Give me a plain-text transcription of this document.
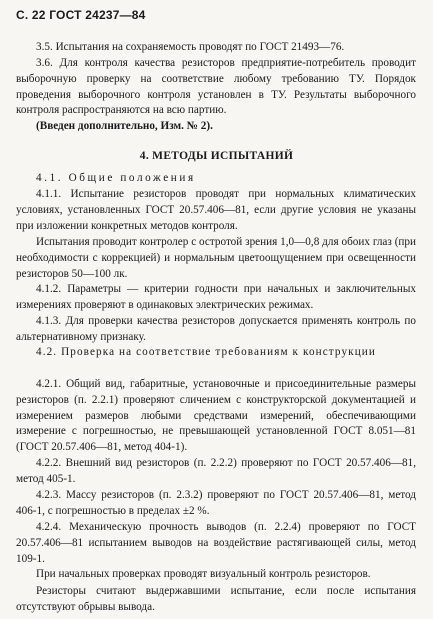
С. 22 ГОСТ 24237—84

3.5. Испытания на сохраняемость проводят по ГОСТ 21493—76.

3.6. Для контроля качества резисторов предприятие-потребитель проводит выборочную проверку на соответствие любому требованию ТУ. Порядок проведения выборочного контроля установлен в ТУ. Результаты выборочного контроля распространяются на всю партию.

(Введен дополнительно, Изм. № 2).

4. МЕТОДЫ ИСПЫТАНИЙ

4.1. Общие положения

4.1.1. Испытание резисторов проводят при нормальных климатических условиях, установленных ГОСТ 20.57.406—81, если другие условия не указаны при изложении конкретных методов контроля.

Испытания проводит контролер с остротой зрения 1,0—0,8 для обоих глаз (при необходимости с коррекцией) и нормальным цветоощущением при освещенности резисторов 50—100 лк.

4.1.2. Параметры — критерии годности при начальных и заключительных измерениях проверяют в одинаковых электрических режимах.

4.1.3. Для проверки качества резисторов допускается применять контроль по альтернативному признаку.

4.2. Проверка на соответствие требованиям к конструкции

4.2.1. Общий вид, габаритные, установочные и присоединительные размеры резисторов (п. 2.2.1) проверяют сличением с конструкторской документацией и измерением размеров любыми средствами измерений, обеспечивающими измерение с погрешностью, не превышающей установленной ГОСТ 8.051—81 (ГОСТ 20.57.406—81, метод 404-1).

4.2.2. Внешний вид резисторов (п. 2.2.2) проверяют по ГОСТ 20.57.406—81, метод 405-1.

4.2.3. Массу резисторов (п. 2.3.2) проверяют по ГОСТ 20.57.406—81, метод 406-1, с погрешностью в пределах ±2 %.

4.2.4. Механическую прочность выводов (п. 2.2.4) проверяют по ГОСТ 20.57.406—81 испытанием выводов на воздействие растягивающей силы, метод 109-1.

При начальных проверках проводят визуальный контроль резисторов.

Резисторы считают выдержавшими испытание, если после испытания отсутствуют обрывы вывода.
